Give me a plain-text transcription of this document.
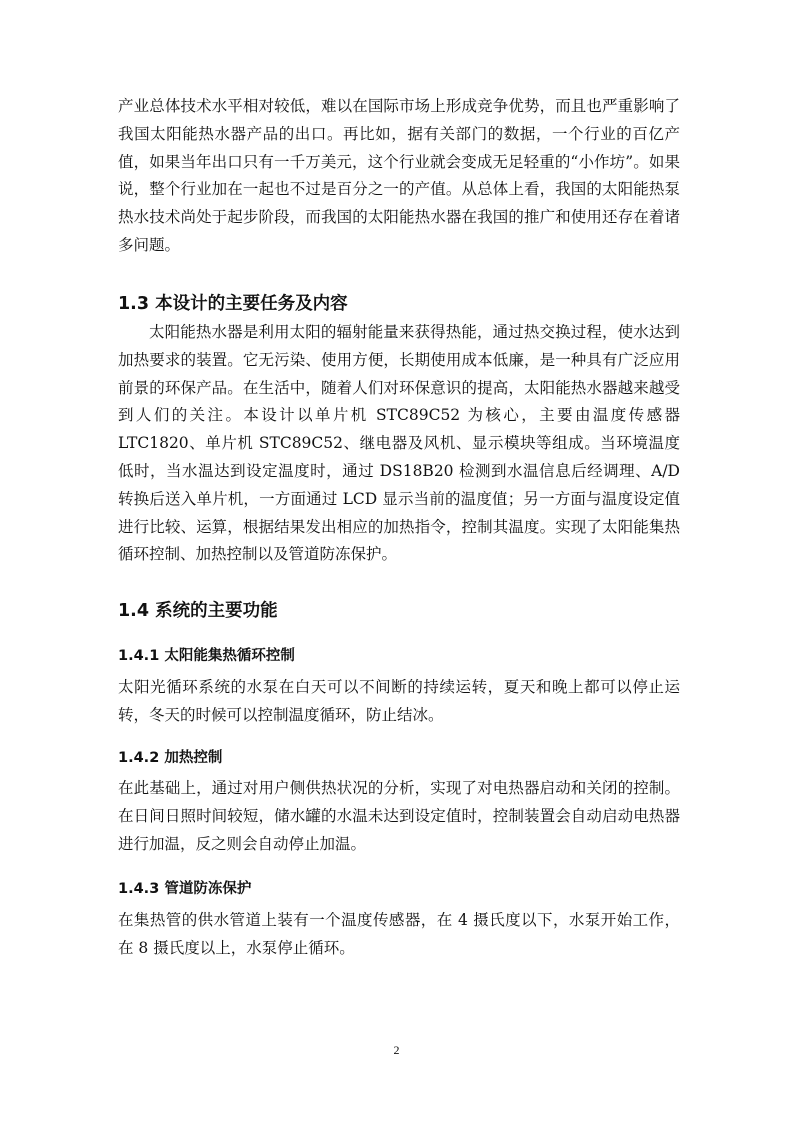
产业总体技术水平相对较低，难以在国际市场上形成竞争优势，而且也严重影响了我国太阳能热水器产品的出口。再比如，据有关部门的数据，一个行业的百亿产值，如果当年出口只有一千万美元，这个行业就会变成无足轻重的“小作坊”。如果说，整个行业加在一起也不过是百分之一的产值。从总体上看，我国的太阳能热泵热水技术尚处于起步阶段，而我国的太阳能热水器在我国的推广和使用还存在着诸多问题。

1.3 本设计的主要任务及内容

太阳能热水器是利用太阳的辐射能量来获得热能，通过热交换过程，使水达到加热要求的装置。它无污染、使用方便，长期使用成本低廉，是一种具有广泛应用前景的环保产品。在生活中，随着人们对环保意识的提高，太阳能热水器越来越受到人们的关注。本设计以单片机 STC89C52 为核心，主要由温度传感器 LTC1820、单片机 STC89C52、继电器及风机、显示模块等组成。当环境温度低时，当水温达到设定温度时，通过 DS18B20 检测到水温信息后经调理、A/D 转换后送入单片机，一方面通过 LCD 显示当前的温度值；另一方面与温度设定值进行比较、运算，根据结果发出相应的加热指令，控制其温度。实现了太阳能集热循环控制、加热控制以及管道防冻保护。

1.4 系统的主要功能
1.4.1 太阳能集热循环控制

太阳光循环系统的水泵在白天可以不间断的持续运转，夏天和晚上都可以停止运转，冬天的时候可以控制温度循环，防止结冰。

1.4.2 加热控制

在此基础上，通过对用户侧供热状况的分析，实现了对电热器启动和关闭的控制。在日间日照时间较短，储水罐的水温未达到设定值时，控制装置会自动启动电热器进行加温，反之则会自动停止加温。

1.4.3 管道防冻保护

在集热管的供水管道上装有一个温度传感器，在 4 摄氏度以下，水泵开始工作，在 8 摄氏度以上，水泵停止循环。

2
